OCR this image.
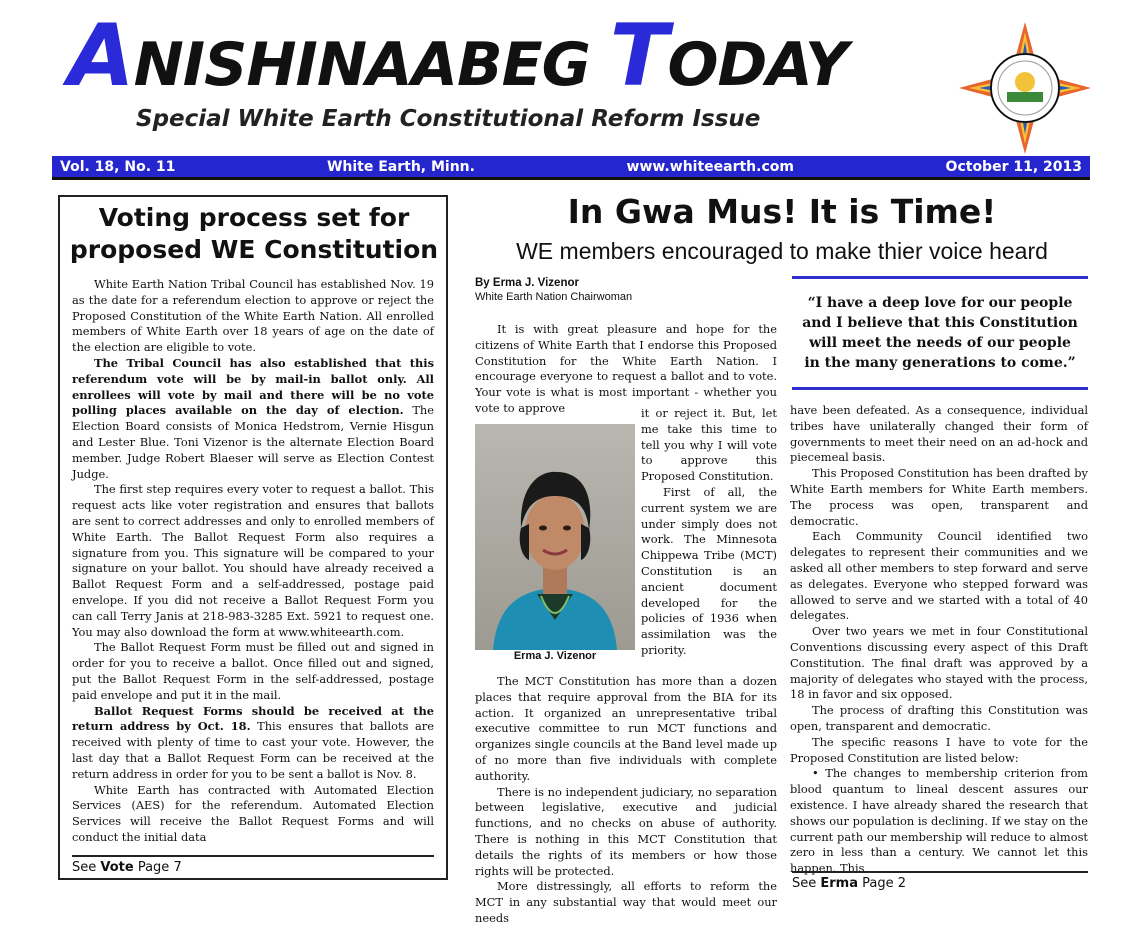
ANISHINAABEG TODAY
Special White Earth Constitutional Reform Issue
Vol. 18, No. 11	White Earth, Minn.	www.whiteearth.com	October 11, 2013
Voting process set for proposed WE Constitution

White Earth Nation Tribal Council has established Nov. 19 as the date for a referendum election to approve or reject the Proposed Constitution of the White Earth Nation. All enrolled members of White Earth over 18 years of age on the date of the election are eligible to vote.

The Tribal Council has also established that this referendum vote will be by mail-in ballot only. All enrollees will vote by mail and there will be no vote polling places available on the day of election. The Election Board consists of Monica Hedstrom, Vernie Hisgun and Lester Blue. Toni Vizenor is the alternate Election Board member. Judge Robert Blaeser will serve as Election Contest Judge.

The first step requires every voter to request a ballot. This request acts like voter registration and ensures that ballots are sent to correct addresses and only to enrolled members of White Earth. The Ballot Request Form also requires a signature from you. This signature will be compared to your signature on your ballot. You should have already received a Ballot Request Form and a self-addressed, postage paid envelope. If you did not receive a Ballot Request Form you can call Terry Janis at 218-983-3285 Ext. 5921 to request one. You may also download the form at www.whiteearth.com.

The Ballot Request Form must be filled out and signed in order for you to receive a ballot. Once filled out and signed, put the Ballot Request Form in the self-addressed, postage paid envelope and put it in the mail.

Ballot Request Forms should be received at the return address by Oct. 18. This ensures that ballots are received with plenty of time to cast your vote. However, the last day that a Ballot Request Form can be received at the return address in order for you to be sent a ballot is Nov. 8.

White Earth has contracted with Automated Election Services (AES) for the referendum. Automated Election Services will receive the Ballot Request Forms and will conduct the initial data

See Vote Page 7
In Gwa Mus! It is Time!
WE members encouraged to make thier voice heard
By Erma J. Vizenor
White Earth Nation Chairwoman

It is with great pleasure and hope for the citizens of White Earth that I endorse this Proposed Constitution for the White Earth Nation. I encourage everyone to request a ballot and to vote. Your vote is what is most important - whether you vote to approve

Erma J. Vizenor

it or reject it. But, let me take this time to tell you why I will vote to approve this Proposed Constitution.

First of all, the current system we are under simply does not work. The Minnesota Chippewa Tribe (MCT) Constitution is an ancient document developed for the policies of 1936 when assimilation was the priority.

The MCT Constitution has more than a dozen places that require approval from the BIA for its action. It organized an unrepresentative tribal executive committee to run MCT functions and organizes single councils at the Band level made up of no more than five individuals with complete authority.

There is no independent judiciary, no separation between legislative, executive and judicial functions, and no checks on abuse of authority. There is nothing in this MCT Constitution that details the rights of its members or how those rights will be protected.

More distressingly, all efforts to reform the MCT in any substantial way that would meet our needs

“I have a deep love for our people and I believe that this Constitution will meet the needs of our people in the many generations to come.”

have been defeated. As a consequence, individual tribes have unilaterally changed their form of governments to meet their need on an ad-hock and piecemeal basis.

This Proposed Constitution has been drafted by White Earth members for White Earth members. The process was open, transparent and democratic.

Each Community Council identified two delegates to represent their communities and we asked all other members to step forward and serve as delegates. Everyone who stepped forward was allowed to serve and we started with a total of 40 delegates.

Over two years we met in four Constitutional Conventions discussing every aspect of this Draft Constitution. The final draft was approved by a majority of delegates who stayed with the process, 18 in favor and six opposed.

The process of drafting this Constitution was open, transparent and democratic.

The specific reasons I have to vote for the Proposed Constitution are listed below:

• The changes to membership criterion from blood quantum to lineal descent assures our existence. I have already shared the research that shows our population is declining. If we stay on the current path our membership will reduce to almost zero in less than a century. We cannot let this happen. This

See Erma Page 2
